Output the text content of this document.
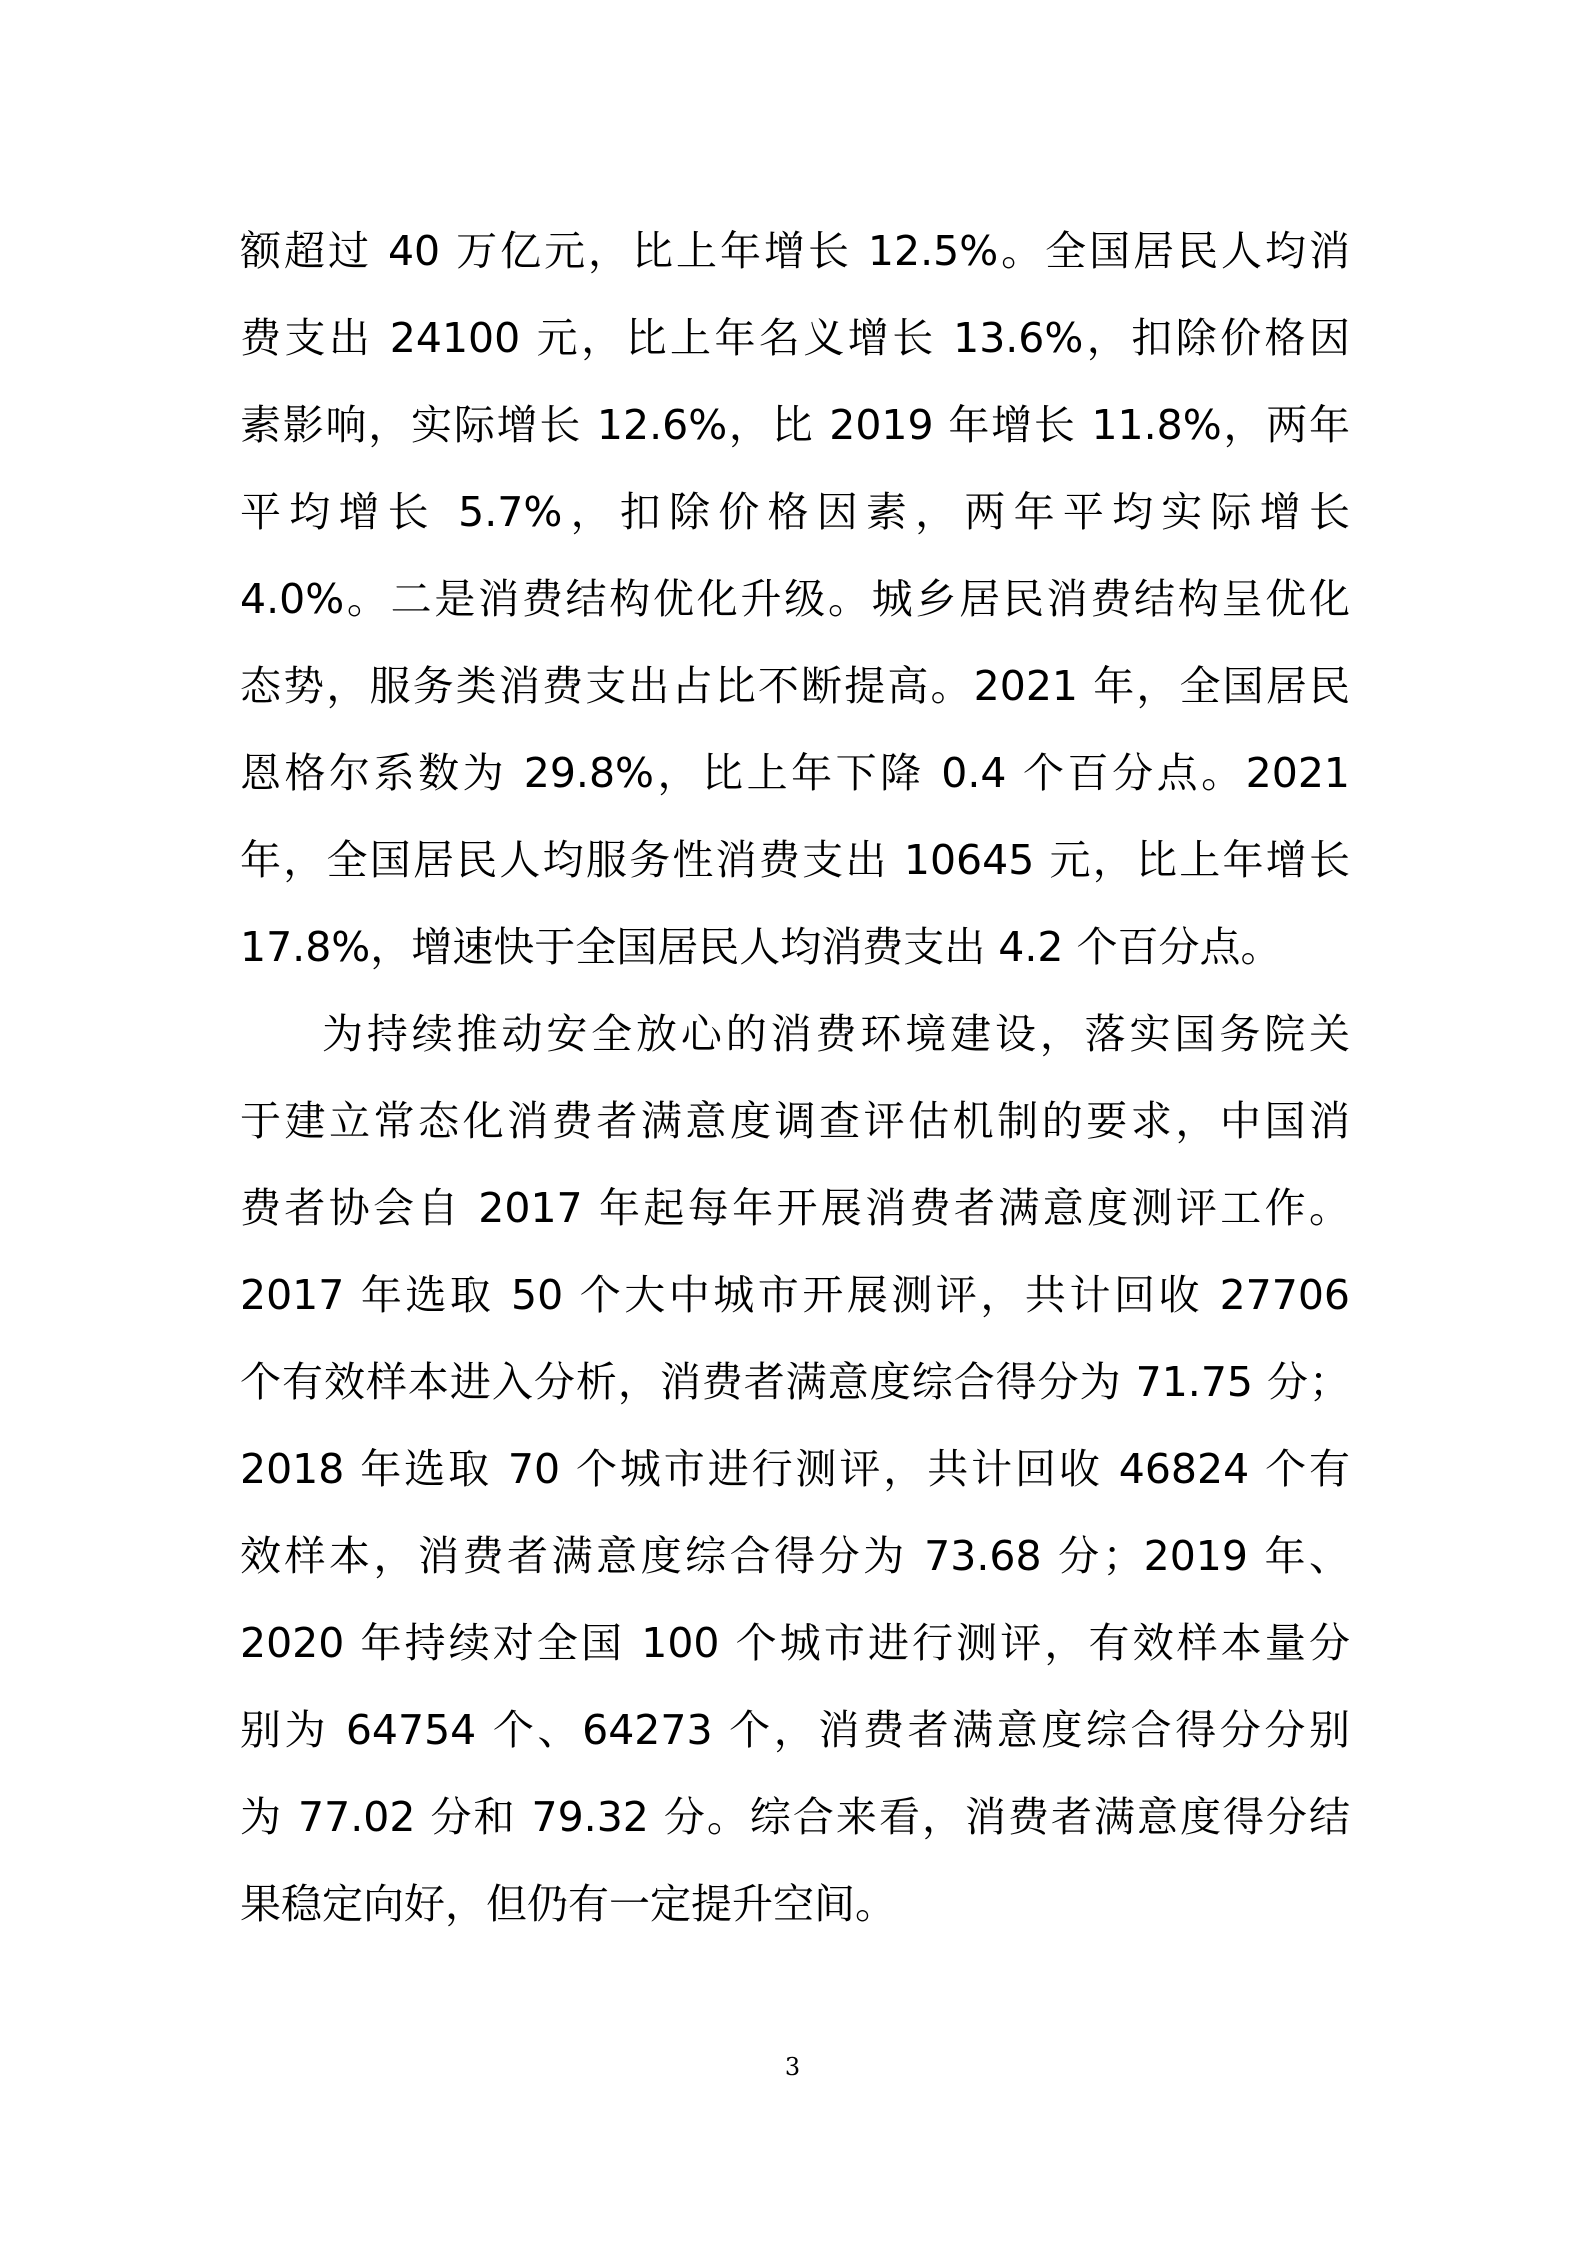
额超过 40 万亿元，比上年增长 12.5%。全国居民人均消
费支出 24100 元，比上年名义增长 13.6%，扣除价格因
素影响，实际增长 12.6%，比 2019 年增长 11.8%，两年
平均增长 5.7%，扣除价格因素，两年平均实际增长
4.0%。二是消费结构优化升级。城乡居民消费结构呈优化
态势，服务类消费支出占比不断提高。2021 年，全国居民
恩格尔系数为 29.8%，比上年下降 0.4 个百分点。2021
年，全国居民人均服务性消费支出 10645 元，比上年增长
17.8%，增速快于全国居民人均消费支出 4.2 个百分点。

为持续推动安全放心的消费环境建设，落实国务院关
于建立常态化消费者满意度调查评估机制的要求，中国消
费者协会自 2017 年起每年开展消费者满意度测评工作。
2017 年选取 50 个大中城市开展测评，共计回收 27706
个有效样本进入分析，消费者满意度综合得分为 71.75 分；
2018 年选取 70 个城市进行测评，共计回收 46824 个有
效样本，消费者满意度综合得分为 73.68 分；2019 年、
2020 年持续对全国 100 个城市进行测评，有效样本量分
别为 64754 个、64273 个，消费者满意度综合得分分别
为 77.02 分和 79.32 分。综合来看，消费者满意度得分结
果稳定向好，但仍有一定提升空间。

3
